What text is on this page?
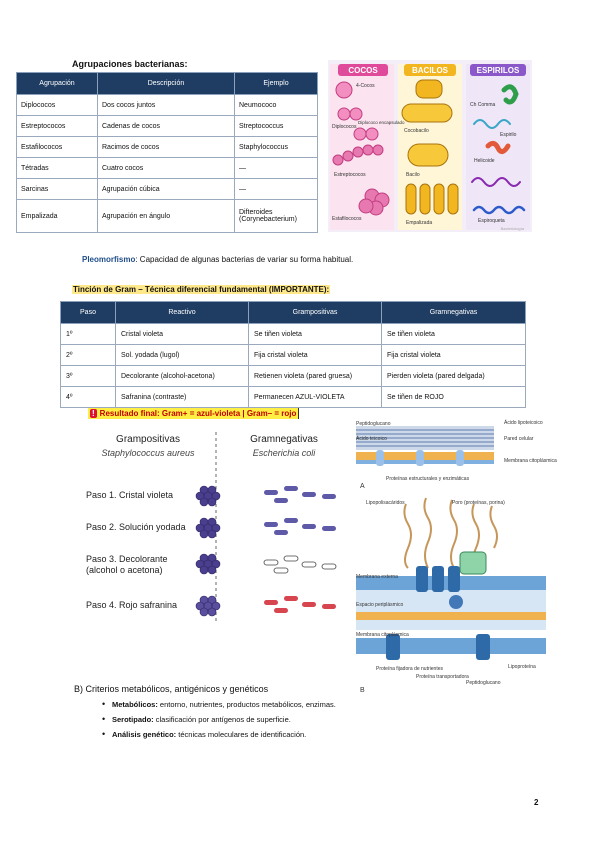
Agrupaciones bacterianas:
Agrupación	Descripción	Ejemplo
Diplococos	Dos cocos juntos	Neumococo
Estreptococos	Cadenas de cocos	Streptococcus
Estafilococos	Racimos de cocos	Staphylococcus
Tétradas	Cuatro cocos	—
Sarcinas	Agrupación cúbica	—
Empalizada	Agrupación en ángulo	Difteroides (Corynebacterium)
COCOS	BACILOS	ESPIRILOS
4-Cocos
Diplococos
Diplococo encapsulado
Estreptococos
Estafilococos
Cocobacilo
Bacilo
Empalizada
Ch Comma
Espirilo
Helicoide
Espiroqueta
Bacteriología
Pleomorfismo: Capacidad de algunas bacterias de variar su forma habitual.
Tinción de Gram – Técnica diferencial fundamental (IMPORTANTE):
Paso	Reactivo	Grampositivas	Gramnegativas
1º	Cristal violeta	Se tiñen violeta	Se tiñen violeta
2º	Sol. yodada (lugol)	Fija cristal violeta	Fija cristal violeta
3º	Decolorante (alcohol-acetona)	Retienen violeta (pared gruesa)	Pierden violeta (pared delgada)
4º	Safranina (contraste)	Permanecen AZUL-VIOLETA	Se tiñen de ROJO
! Resultado final: Gram+ = azul-violeta | Gram– = rojo
Grampositivas
Staphylococcus aureus
Gramnegativas
Escherichia coli
Paso 1. Cristal violeta
Paso 2. Solución yodada
Paso 3. Decolorante
(alcohol o acetona)
Paso 4. Rojo safranina
Peptidoglucano
Ácido teicoico
Ácido lipoteicoico
Pared celular
Membrana citoplásmica
Proteínas estructurales y enzimáticas
A
Lipopolisacáridos	Poro (proteínas, porina)
Membrana externa
Espacio periplásmico
Membrana citoplásmica
Proteína fijadora de nutrientes
Proteína transportadora
Peptidoglucano
Lipoproteína
B
B) Criterios metabólicos, antigénicos y genéticos
• Metabólicos: entorno, nutrientes, productos metabólicos, enzimas.
• Serotipado: clasificación por antígenos de superficie.
• Análisis genético: técnicas moleculares de identificación.
2
